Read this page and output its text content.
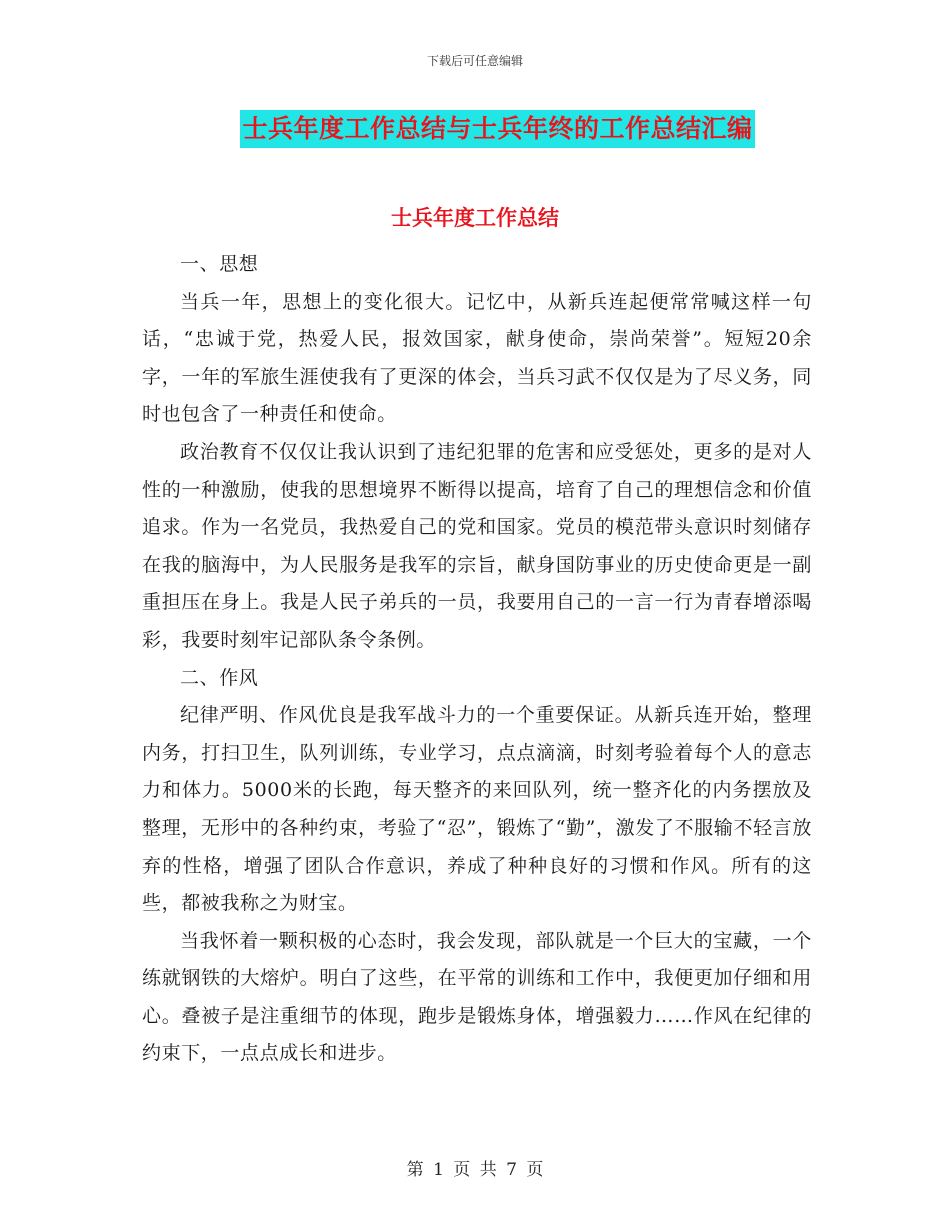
下载后可任意编辑
士兵年度工作总结与士兵年终的工作总结汇编
士兵年度工作总结

一、思想

当兵一年，思想上的变化很大。记忆中，从新兵连起便常常喊这样一句话，“忠诚于党，热爱人民，报效国家，献身使命，崇尚荣誉”。短短20余字，一年的军旅生涯使我有了更深的体会，当兵习武不仅仅是为了尽义务，同时也包含了一种责任和使命。

政治教育不仅仅让我认识到了违纪犯罪的危害和应受惩处，更多的是对人性的一种激励，使我的思想境界不断得以提高，培育了自己的理想信念和价值追求。作为一名党员，我热爱自己的党和国家。党员的模范带头意识时刻储存在我的脑海中，为人民服务是我军的宗旨，献身国防事业的历史使命更是一副重担压在身上。我是人民子弟兵的一员，我要用自己的一言一行为青春增添喝彩，我要时刻牢记部队条令条例。

二、作风

纪律严明、作风优良是我军战斗力的一个重要保证。从新兵连开始，整理内务，打扫卫生，队列训练，专业学习，点点滴滴，时刻考验着每个人的意志力和体力。5000米的长跑，每天整齐的来回队列，统一整齐化的内务摆放及整理，无形中的各种约束，考验了“忍”，锻炼了“勤”，激发了不服输不轻言放弃的性格，增强了团队合作意识，养成了种种良好的习惯和作风。所有的这些，都被我称之为财宝。

当我怀着一颗积极的心态时，我会发现，部队就是一个巨大的宝藏，一个练就钢铁的大熔炉。明白了这些，在平常的训练和工作中，我便更加仔细和用心。叠被子是注重细节的体现，跑步是锻炼身体，增强毅力……作风在纪律的约束下，一点点成长和进步。

第 1 页 共 7 页
